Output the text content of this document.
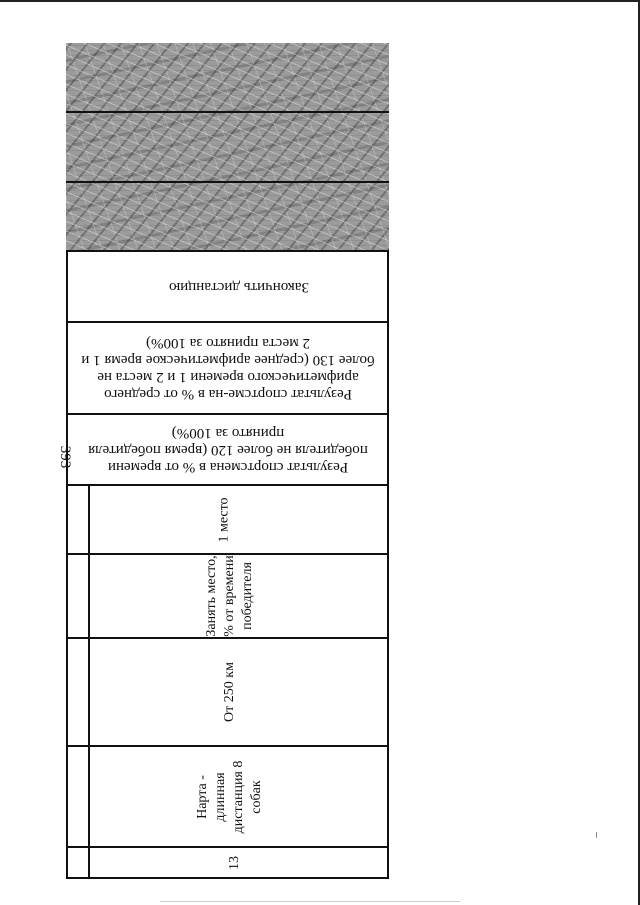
393
Закончить дистанцию
Результат спортсме-на в % от среднего арифметического времени 1 и 2 места не более 130 (среднее арифметическое время 1 и 2 места принято за 100%)
Результат спортсмена в % от времени победителя не более 120 (время победителя принято за 100%)
1 место
Занять место, % от времени победителя
От 250 км
Нарта - длинная дистанция 8 собак
13
